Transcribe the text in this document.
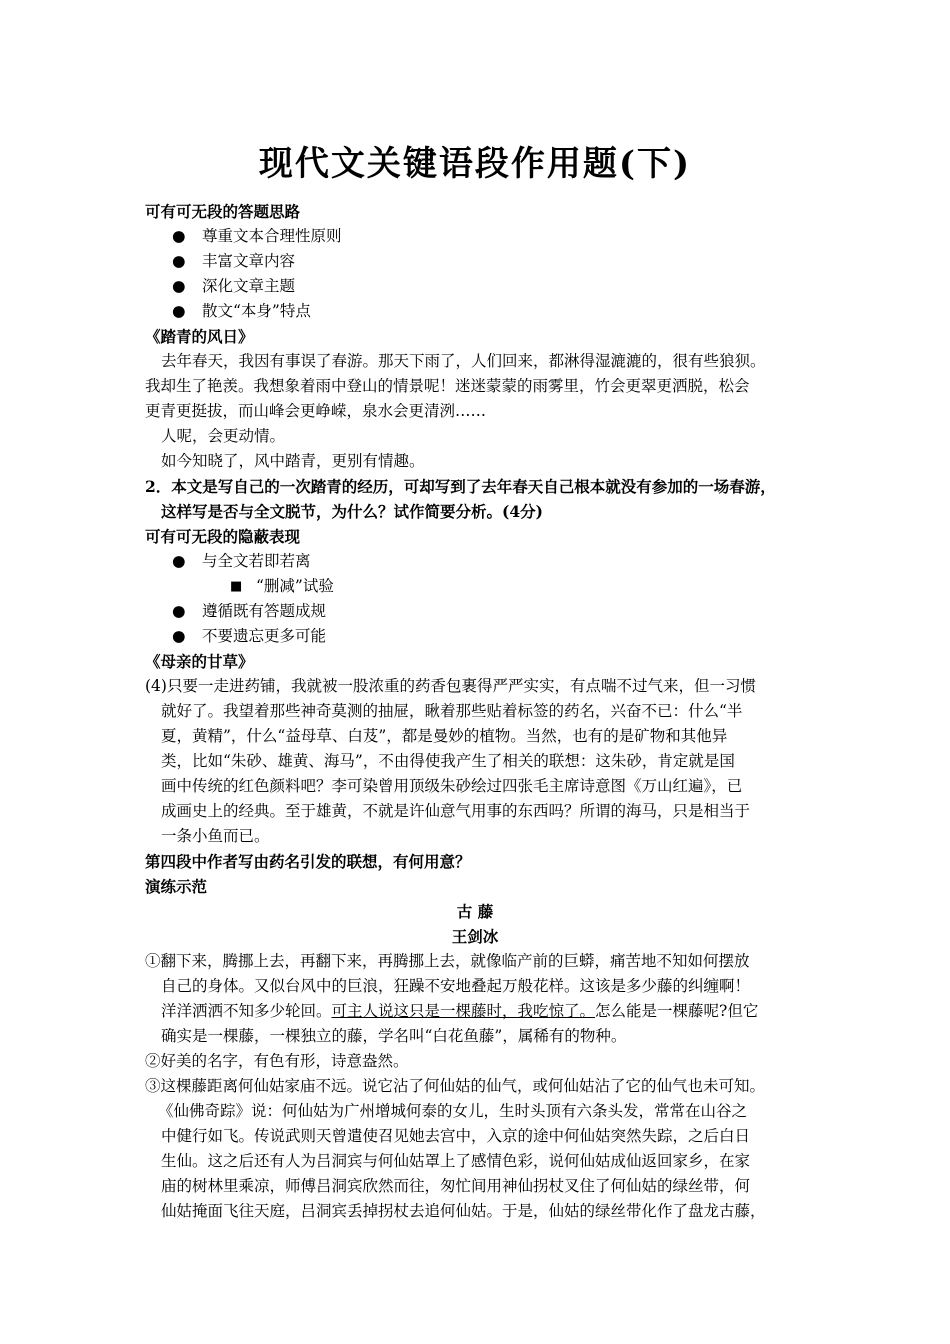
现代文关键语段作用题(下)
可有可无段的答题思路
● 尊重文本合理性原则
● 丰富文章内容
● 深化文章主题
● 散文“本身”特点
《踏青的风日》
去年春天，我因有事误了春游。那天下雨了，人们回来，都淋得湿漉漉的，很有些狼狈。
我却生了艳羡。我想象着雨中登山的情景呢！迷迷蒙蒙的雨雾里，竹会更翠更洒脱，松会
更青更挺拔，而山峰会更峥嵘，泉水会更清洌……
人呢，会更动情。
如今知晓了，风中踏青，更别有情趣。
2．本文是写自己的一次踏青的经历，可却写到了去年春天自己根本就没有参加的一场春游，
这样写是否与全文脱节，为什么？试作简要分析。(4分)
可有可无段的隐蔽表现
● 与全文若即若离
■ “删减”试验
● 遵循既有答题成规
● 不要遗忘更多可能
《母亲的甘草》
(4)只要一走进药铺，我就被一股浓重的药香包裹得严严实实，有点喘不过气来，但一习惯
就好了。我望着那些神奇莫测的抽屉，瞅着那些贴着标签的药名，兴奋不已：什么“半
夏，黄精”，什么“益母草、白芨”，都是曼妙的植物。当然，也有的是矿物和其他异
类，比如“朱砂、雄黄、海马”，不由得使我产生了相关的联想：这朱砂，肯定就是国
画中传统的红色颜料吧？李可染曾用顶级朱砂绘过四张毛主席诗意图《万山红遍》，已
成画史上的经典。至于雄黄，不就是许仙意气用事的东西吗？所谓的海马，只是相当于
一条小鱼而已。
第四段中作者写由药名引发的联想，有何用意？
演练示范
古 藤
王剑冰
①翻下来，腾挪上去，再翻下来，再腾挪上去，就像临产前的巨蟒，痛苦地不知如何摆放
自己的身体。又似台风中的巨浪，狂躁不安地叠起万般花样。这该是多少藤的纠缠啊！
洋洋洒洒不知多少轮回。可主人说这只是一棵藤时，我吃惊了。怎么能是一棵藤呢?但它
确实是一棵藤，一棵独立的藤，学名叫“白花鱼藤”，属稀有的物种。
②好美的名字，有色有形，诗意盎然。
③这棵藤距离何仙姑家庙不远。说它沾了何仙姑的仙气，或何仙姑沾了它的仙气也未可知。
《仙佛奇踪》说：何仙姑为广州增城何泰的女儿，生时头顶有六条头发，常常在山谷之
中健行如飞。传说武则天曾遣使召见她去宫中，入京的途中何仙姑突然失踪，之后白日
生仙。这之后还有人为吕洞宾与何仙姑罩上了感情色彩，说何仙姑成仙返回家乡，在家
庙的树林里乘凉，师傅吕洞宾欣然而往，匆忙间用神仙拐杖叉住了何仙姑的绿丝带，何
仙姑掩面飞往天庭，吕洞宾丢掉拐杖去追何仙姑。于是，仙姑的绿丝带化作了盘龙古藤，
